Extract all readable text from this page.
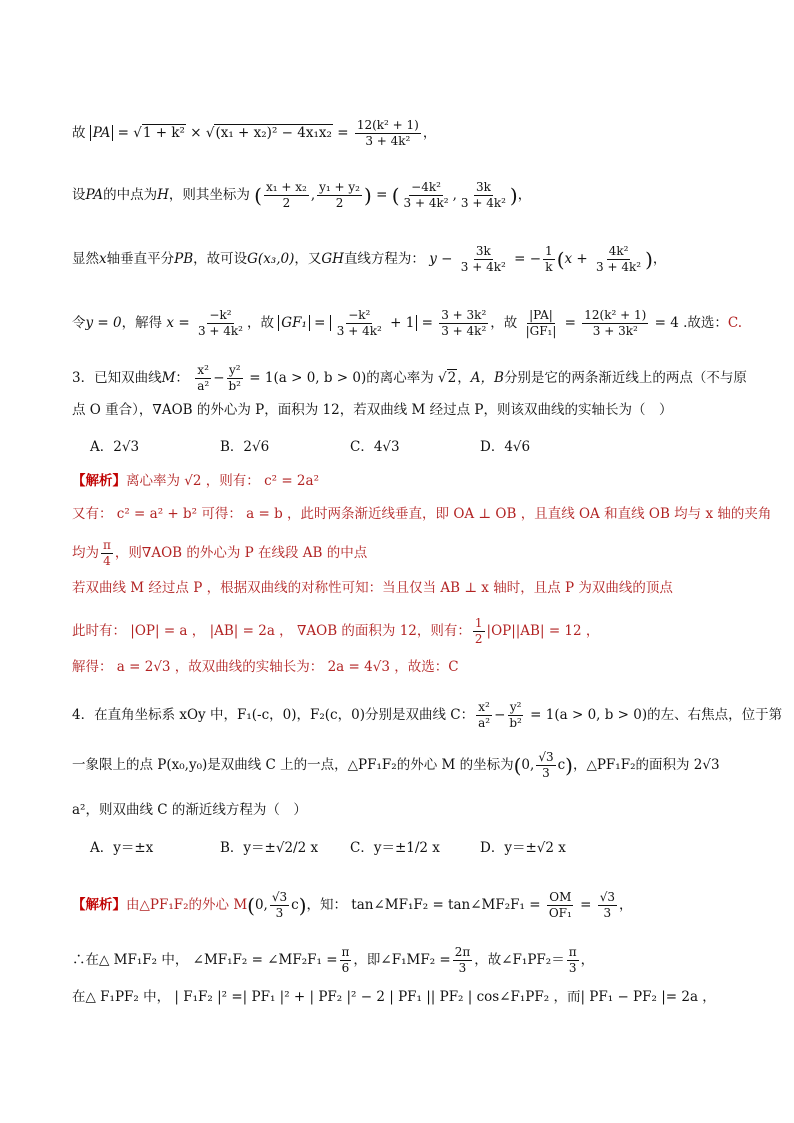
故 PA = $√1 + k^2 \times √(x_1 + x_2)^2 - 4x_1x_2 = \frac{\text{12(k² + 1)}}{\text{3 + 4k²}}$ ，
设PA的中点为H，则其坐标为 ( $\frac{\text{x₁ + x₂}}{2}$ , $\frac{\text{y₁ + y₂}}{2}$ ) = ( $\frac{\text{−4k²}}{\text{3 + 4k²}}$ , $\frac{3k}{\text{3 + 4k²}}$ )，
显然x轴垂直平分PB，故可设G(x₃,0)，又GH直线方程为： $y - \frac{3k}{\text{3 + 4k²}}$ = − $\frac{1}{k} (x + \frac{\text{4k²}}{\text{3 + 4k²}}$ )，
令y = 0，解得 $x = \frac{\text{−k²}}{\text{3 + 4k²}}$ ，故 $GF_1 = \frac{\text{−k²}}{\text{3 + 4k²}} + 1 = \frac{\text{3 + 3k²}}{\text{3 + 4k²}}$ ，故 $\frac{|PA|}{\text{|GF₁|}} = \frac{\text{12(k² + 1)}}{\text{3 + 3k²}} = 4$ .故选：C.
3．已知双曲线M： $\frac{\text{x²}}{\text{a²}} - \frac{\text{y²}}{\text{b²}} = 1(a > 0$, b > 0)的离心率为 √2，A，B分别是它的两条渐近线上的两点（不与原
点 O 重合），∇AOB 的外心为 P，面积为 12，若双曲线 M 经过点 P，则该双曲线的实轴长为（　）
A．2√3	B．2√6	C．4√3	D．4√6
【解析】离心率为 √2 ，则有： c² = 2a²
又有： c² = a² + b² 可得： a = b ，此时两条渐近线垂直，即 OA ⊥ OB ，且直线 OA 和直线 OB 均与 x 轴的夹角
均为 $\frac{\pi}{4}$ ，则∇AOB 的外心为 P 在线段 AB 的中点
若双曲线 M 经过点 P ，根据双曲线的对称性可知：当且仅当 AB ⊥ x 轴时，且点 P 为双曲线的顶点
此时有： |OP| = a ， |AB| = 2a ， ∇AOB 的面积为 12，则有： $\frac{1}{2} |OP||AB| = 12$ ，
解得： a = 2√3 ，故双曲线的实轴长为： 2a = 4√3 ，故选：C
4．在直角坐标系 xOy 中，F₁(-c，0)，F₂(c，0)分别是双曲线 C： $\frac{\text{x²}}{\text{a²}} - \frac{\text{y²}}{\text{b²}} = 1(a > 0$, b > 0)的左、右焦点，位于第
一象限上的点 P(x₀,y₀)是双曲线 C 上的一点，△PF₁F₂的外心 M 的坐标为(0, $\frac{√3}{3} c$)，△PF₁F₂的面积为 2√3
a²，则双曲线 C 的渐近线方程为（　）
A．y＝±x	B．y＝±√2/2 x C．y＝±1/2 x	D．y＝±√2 x
【解析】由△PF₁F₂的外心 M(0, $\frac{√3}{3} c$)，知： tan∠MF₁F₂ = tan∠MF₂F₁ = $\frac{OM}{\text{OF₁}} = \frac{√3}{3}$ ，
∴在△ MF₁F₂ 中， ∠MF₁F₂ = ∠MF₂F₁ = $\frac{\pi}{6}$ ，即∠F₁MF₂ = $\frac{2\pi}{3}$ ，故∠F₁PF₂＝ $\frac{\pi}{3}$ ，
在△ F₁PF₂ 中， | F₁F₂ |² =| PF₁ |² + | PF₂ |² − 2 | PF₁ || PF₂ | cos∠F₁PF₂ ，而| PF₁ − PF₂ |= 2a ，
